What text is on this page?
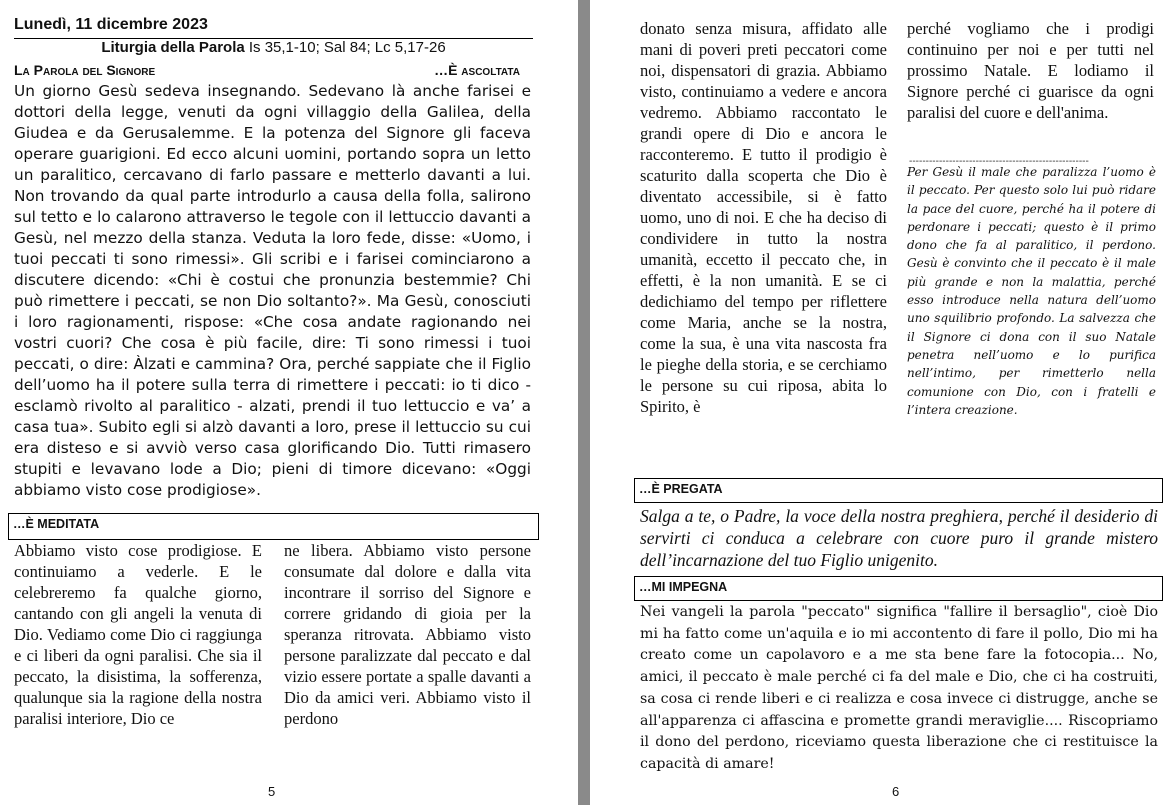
Lunedì, 11 dicembre 2023
Liturgia della Parola Is 35,1-10; Sal 84; Lc 5,17-26
La Parola del Signore	…È ascoltata
Un giorno Gesù sedeva insegnando. Sedevano là anche farisei e dottori della legge, venuti da ogni villaggio della Galilea, della Giudea e da Gerusalemme. E la potenza del Signore gli faceva operare guarigioni. Ed ecco alcuni uomini, portando sopra un letto un paralitico, cercavano di farlo passare e metterlo davanti a lui. Non trovando da qual parte introdurlo a causa della folla, salirono sul tetto e lo calarono attraverso le tegole con il lettuccio davanti a Gesù, nel mezzo della stanza. Veduta la loro fede, disse: «Uomo, i tuoi peccati ti sono rimessi». Gli scribi e i farisei cominciarono a discutere dicendo: «Chi è costui che pronunzia bestemmie? Chi può rimettere i peccati, se non Dio soltanto?». Ma Gesù, conosciuti i loro ragionamenti, rispose: «Che cosa andate ragionando nei vostri cuori? Che cosa è più facile, dire: Ti sono rimessi i tuoi peccati, o dire: Àlzati e cammina? Ora, perché sappiate che il Figlio dell’uomo ha il potere sulla terra di rimettere i peccati: io ti dico - esclamò rivolto al paralitico - alzati, prendi il tuo lettuccio e va’ a casa tua». Subito egli si alzò davanti a loro, prese il lettuccio su cui era disteso e si avviò verso casa glorificando Dio. Tutti rimasero stupiti e levavano lode a Dio; pieni di timore dicevano: «Oggi abbiamo visto cose prodigiose».
…È MEDITATA
Abbiamo visto cose prodigiose. E continuiamo a vederle. E le celebreremo fa qualche giorno, cantando con gli angeli la venuta di Dio. Vediamo come Dio ci raggiunga e ci liberi da ogni paralisi. Che sia il peccato, la disistima, la sofferenza, qualunque sia la ragione della nostra paralisi interiore, Dio ce
ne libera. Abbiamo visto persone consumate dal dolore e dalla vita incontrare il sorriso del Signore e correre gridando di gioia per la speranza ritrovata. Abbiamo visto persone paralizzate dal peccato e dal vizio essere portate a spalle davanti a Dio da amici veri. Abbiamo visto il perdono
5
donato senza misura, affidato alle mani di poveri preti peccatori come noi, dispensatori di grazia. Abbiamo visto, continuiamo a vedere e ancora vedremo. Abbiamo raccontato le grandi opere di Dio e ancora le racconteremo. E tutto il prodigio è scaturito dalla scoperta che Dio è diventato accessibile, si è fatto uomo, uno di noi. E che ha deciso di condividere in tutto la nostra umanità, eccetto il peccato che, in effetti, è la non umanità. E se ci dedichiamo del tempo per riflettere come Maria, anche se la nostra, come la sua, è una vita nascosta fra le pieghe della storia, e se cerchiamo le persone su cui riposa, abita lo Spirito, è
perché vogliamo che i prodigi continuino per noi e per tutti nel prossimo Natale. E lodiamo il Signore perché ci guarisce da ogni paralisi del cuore e dell'anima.
------------------------------------------------------
Per Gesù il male che paralizza l’uomo è il peccato. Per questo solo lui può ridare la pace del cuore, perché ha il potere di perdonare i peccati; questo è il primo dono che fa al paralitico, il perdono. Gesù è convinto che il peccato è il male più grande e non la malattia, perché esso introduce nella natura dell’uomo uno squilibrio profondo. La salvezza che il Signore ci dona con il suo Natale penetra nell’uomo e lo purifica nell’intimo, per rimetterlo nella comunione con Dio, con i fratelli e l’intera creazione.
…È PREGATA
Salga a te, o Padre, la voce della nostra preghiera, perché il desiderio di servirti ci conduca a celebrare con cuore puro il grande mistero dell’incarnazione del tuo Figlio unigenito.
…MI IMPEGNA
Nei vangeli la parola "peccato" significa "fallire il bersaglio", cioè Dio mi ha fatto come un'aquila e io mi accontento di fare il pollo, Dio mi ha creato come un capolavoro e a me sta bene fare la fotocopia... No, amici, il peccato è male perché ci fa del male e Dio, che ci ha costruiti, sa cosa ci rende liberi e ci realizza e cosa invece ci distrugge, anche se all'apparenza ci affascina e promette grandi meraviglie.... Riscopriamo il dono del perdono, riceviamo questa liberazione che ci restituisce la capacità di amare!
6
